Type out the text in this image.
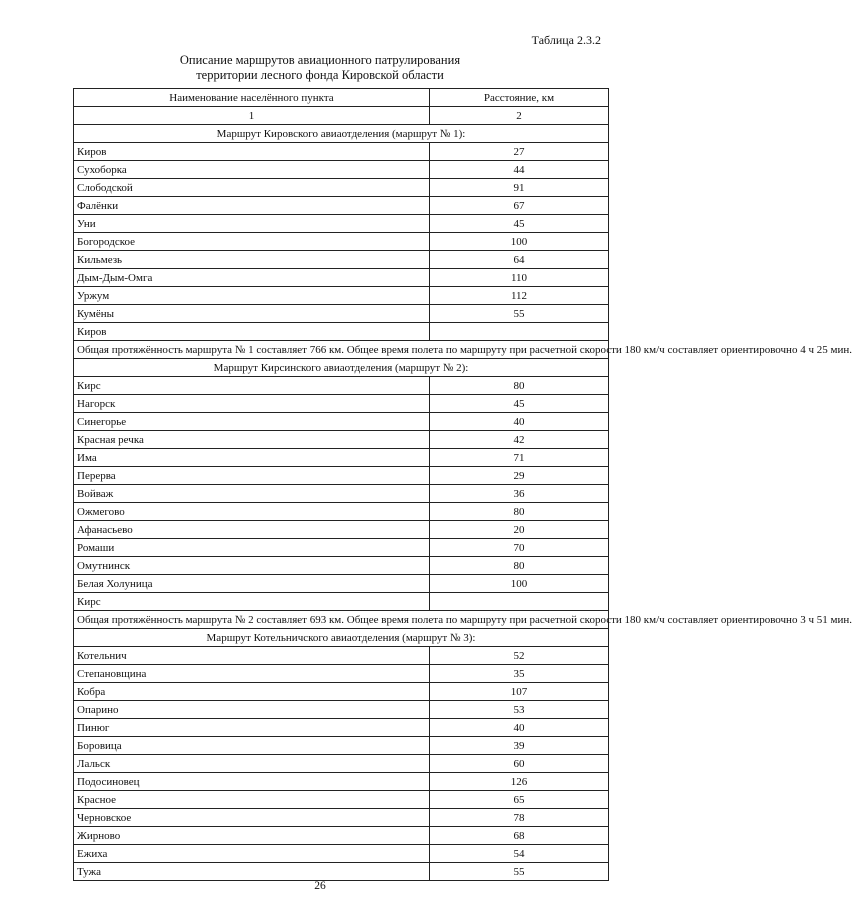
Таблица 2.3.2
Описание маршрутов авиационного патрулирования
территории лесного фонда Кировской области
Наименование населённого пункта	Расстояние, км
1	2
Маршрут Кировского авиаотделения (маршрут № 1):	
Киров	27
Сухоборка	44
Слободской	91
Фалёнки	67
Уни	45
Богородское	100
Кильмезь	64
Дым-Дым-Омга	110
Уржум	112
Кумёны	55
Киров	
Общая протяжённость маршрута № 1 составляет 766 км. Общее время полета по маршруту при расчетной скорости 180 км/ч составляет ориентировочно 4 ч 25 мин.	
Маршрут Кирсинского авиаотделения (маршрут № 2):	
Кирс	80
Нагорск	45
Синегорье	40
Красная речка	42
Има	71
Перерва	29
Войваж	36
Ожмегово	80
Афанасьево	20
Ромаши	70
Омутнинск	80
Белая Холуница	100
Кирс	
Общая протяжённость маршрута № 2 составляет 693 км. Общее время полета по маршруту при расчетной скорости 180 км/ч составляет ориентировочно 3 ч 51 мин.	
Маршрут Котельничского авиаотделения (маршрут № 3):	
Котельнич	52
Степановщина	35
Кобра	107
Опарино	53
Пинюг	40
Боровица	39
Лальск	60
Подосиновец	126
Красное	65
Черновское	78
Жирново	68
Ежиха	54
Тужа	55
26
